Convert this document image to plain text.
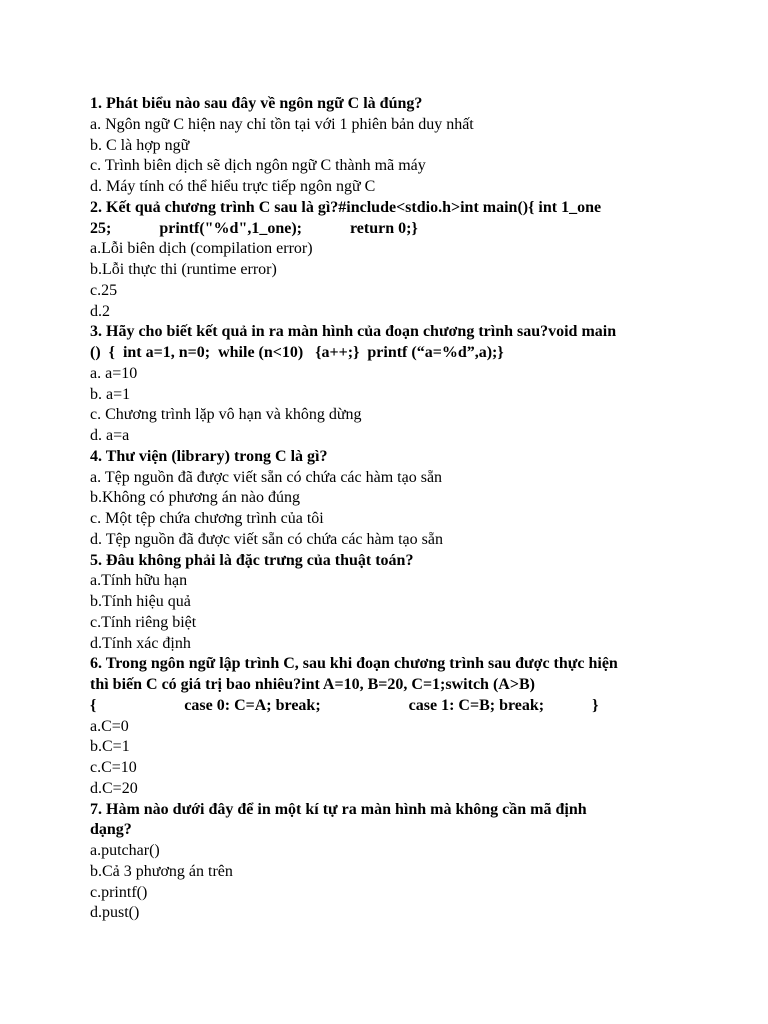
1. Phát biểu nào sau đây về ngôn ngữ C là đúng?
a. Ngôn ngữ C hiện nay chỉ tồn tại với 1 phiên bản duy nhất
b. C là hợp ngữ
c. Trình biên dịch sẽ dịch ngôn ngữ C thành mã máy
d. Máy tính có thể hiểu trực tiếp ngôn ngữ C
2. Kết quả chương trình C sau là gì?#include<stdio.h>int main(){ int 1_one
25;            printf("%d",1_one);            return 0;}
a.Lỗi biên dịch (compilation error)
b.Lỗi thực thi (runtime error)
c.25
d.2
3. Hãy cho biết kết quả in ra màn hình của đoạn chương trình sau?void main
()  {  int a=1, n=0;  while (n<10)   {a++;}  printf (“a=%d”,a);}
a. a=10
b. a=1
c. Chương trình lặp vô hạn và không dừng
d. a=a
4. Thư viện (library) trong C là gì?
a. Tệp nguồn đã được viết sẵn có chứa các hàm tạo sẵn
b.Không có phương án nào đúng
c. Một tệp chứa chương trình của tôi
d. Tệp nguồn đã được viết sẵn có chứa các hàm tạo sẵn
5. Đâu không phải là đặc trưng của thuật toán?
a.Tính hữu hạn
b.Tính hiệu quả
c.Tính riêng biệt
d.Tính xác định
6. Trong ngôn ngữ lập trình C, sau khi đoạn chương trình sau được thực hiện
thì biến C có giá trị bao nhiêu?int A=10, B=20, C=1;switch (A>B)
{                      case 0: C=A; break;                      case 1: C=B; break;            }
a.C=0
b.C=1
c.C=10
d.C=20
7. Hàm nào dưới đây để in một kí tự ra màn hình mà không cần mã định
dạng?
a.putchar()
b.Cả 3 phương án trên
c.printf()
d.pust()
